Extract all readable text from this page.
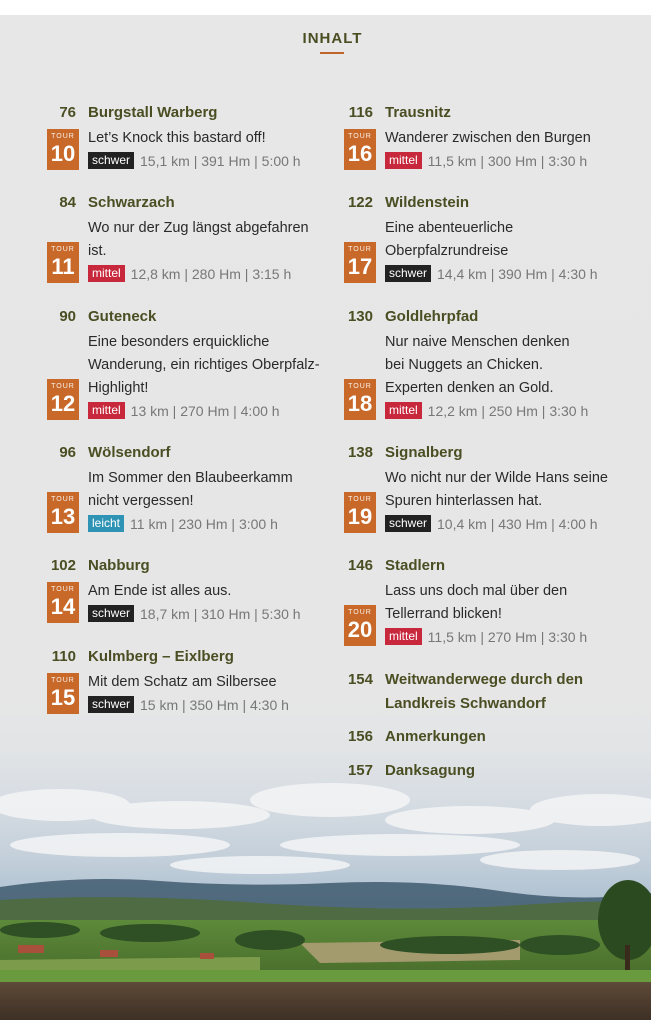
INHALT
76 Burgstall Warberg
Let’s Knock this bastard off!
TOUR
10	schwer 15,1 km | 391 Hm | 5:00 h
84 Schwarzach
Wo nur der Zug längst abgefahren ist.
TOUR
11	mittel 12,8 km | 280 Hm | 3:15 h
90 Guteneck
Eine besonders erquickliche Wanderung, ein richtiges Oberpfalz-Highlight!
TOUR
12	mittel 13 km | 270 Hm | 4:00 h
96 Wölsendorf
Im Sommer den Blaubeerkamm nicht vergessen!
TOUR
13	leicht 11 km | 230 Hm | 3:00 h
102 Nabburg
Am Ende ist alles aus.
TOUR
14	schwer 18,7 km | 310 Hm | 5:30 h
110 Kulmberg – Eixlberg
Mit dem Schatz am Silbersee
TOUR
15	schwer 15 km | 350 Hm | 4:30 h
116 Trausnitz
Wanderer zwischen den Burgen
TOUR
16	mittel 11,5 km | 300 Hm | 3:30 h
122 Wildenstein
Eine abenteuerliche Oberpfalzrundreise
TOUR
17	schwer 14,4 km | 390 Hm | 4:30 h
130 Goldlehrpfad
Nur naive Menschen denken bei Nuggets an Chicken. Experten denken an Gold.
TOUR
18	mittel 12,2 km | 250 Hm | 3:30 h
138 Signalberg
Wo nicht nur der Wilde Hans seine Spuren hinterlassen hat.
TOUR
19	schwer 10,4 km | 430 Hm | 4:00 h
146 Stadlern
Lass uns doch mal über den Tellerrand blicken!
TOUR
20	mittel 11,5 km | 270 Hm | 3:30 h
154 Weitwanderwege durch den
Landkreis Schwandorf
156 Anmerkungen
157 Danksagung
